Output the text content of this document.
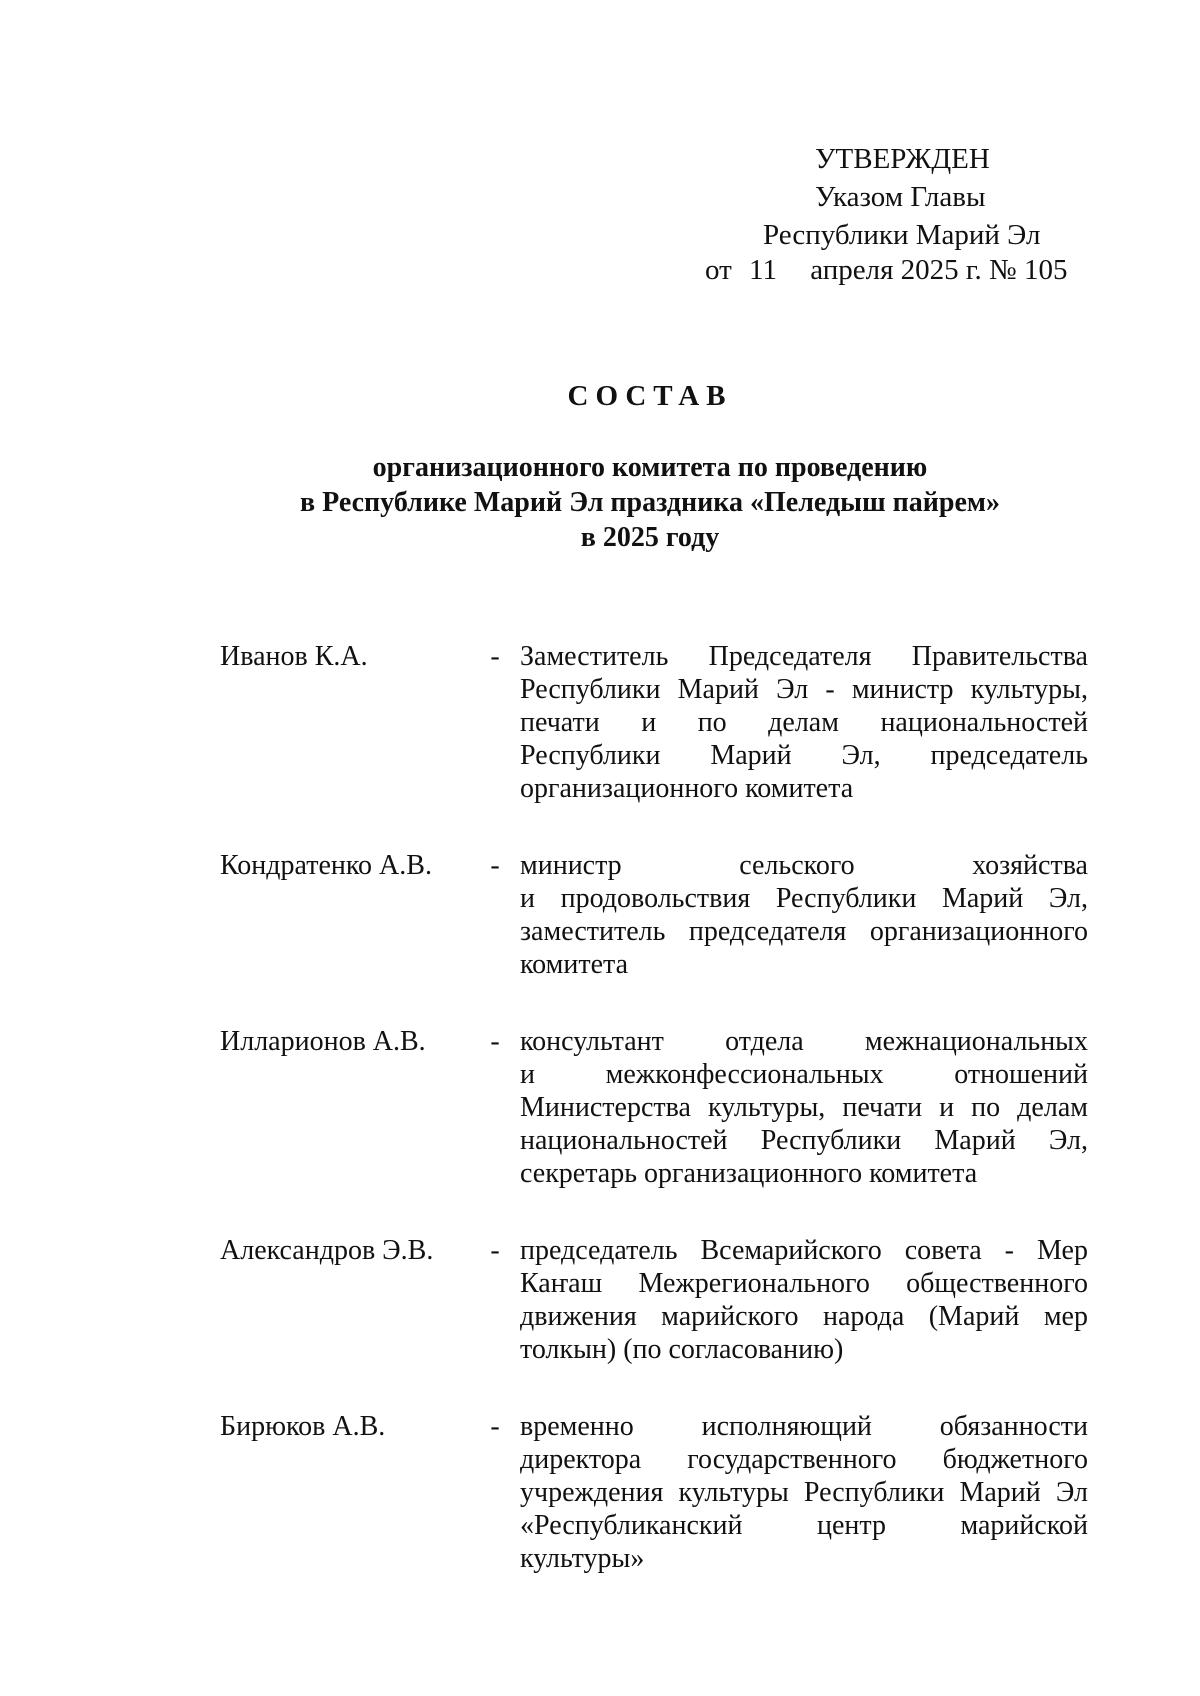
УТВЕРЖДЕН
Указом Главы
Республики Марий Эл
от 11 апреля 2025 г. № 105
СОСТАВ
организационного комитета по проведению
в Республике Марий Эл праздника «Пеледыш пайрем»
в 2025 году
Иванов К.А.	- Заместитель Председателя Правительства
Республики Марий Эл - министр культуры,
печати и по делам национальностей
Республики Марий Эл, председатель
организационного комитета
Кондратенко А.В.	- министр	сельского	хозяйства
и продовольствия Республики Марий Эл,
заместитель председателя организационного
комитета
Илларионов А.В.	- консультант отдела межнациональных
и	межконфессиональных	отношений
Министерства культуры, печати и по делам
национальностей Республики Марий Эл,
секретарь организационного комитета
Александров Э.В.	- председатель Всемарийского совета - Мер
Каҥаш Межрегионального общественного
движения марийского народа (Марий мер
толкын) (по согласованию)
Бирюков А.В.	- временно исполняющий обязанности
директора государственного бюджетного
учреждения культуры Республики Марий Эл
«Республиканский	центр	марийской
культуры»
